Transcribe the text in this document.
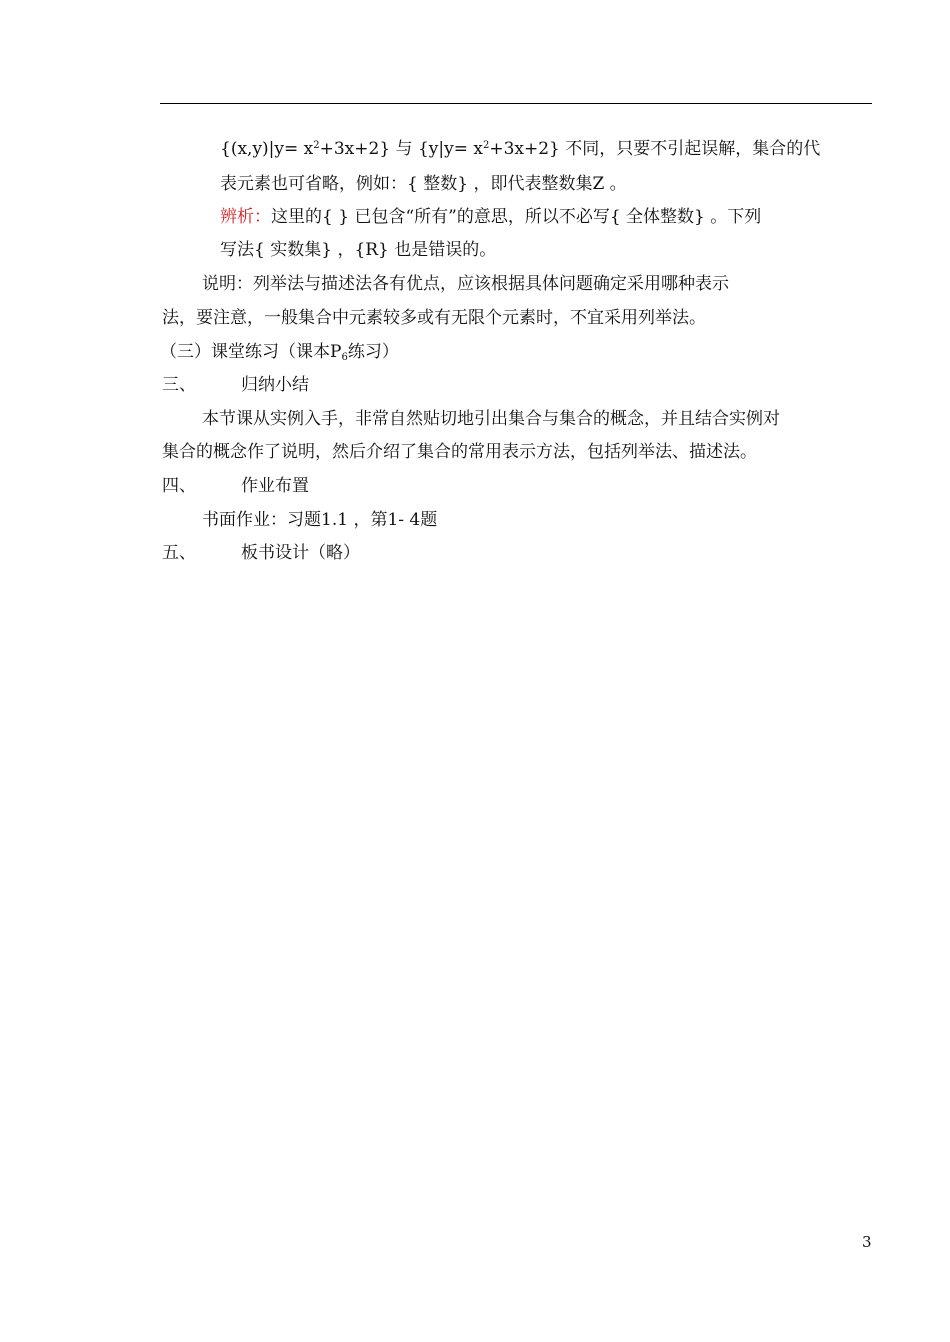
$\{(x,y)|y= x^2+3x+2\}$ 与 $\{y|y= x^2+3x+2\}$ 不同，只要不引起误解，集合的代
表元素也可省略，例如：{ 整数} ，即代表整数集Z 。
辨析：这里的{ } 已包含“所有”的意思，所以不必写{ 全体整数} 。下列
写法{ 实数集} ，{R} 也是错误的。
说明：列举法与描述法各有优点，应该根据具体问题确定采用哪种表示
法，要注意，一般集合中元素较多或有无限个元素时，不宜采用列举法。
（三）课堂练习（课本$P_6$练习）
三、	归纳小结
本节课从实例入手，非常自然贴切地引出集合与集合的概念，并且结合实例对
集合的概念作了说明，然后介绍了集合的常用表示方法，包括列举法、描述法。
四、	作业布置
书面作业：习题1.1 ，第1- 4题
五、	板书设计（略）
3
